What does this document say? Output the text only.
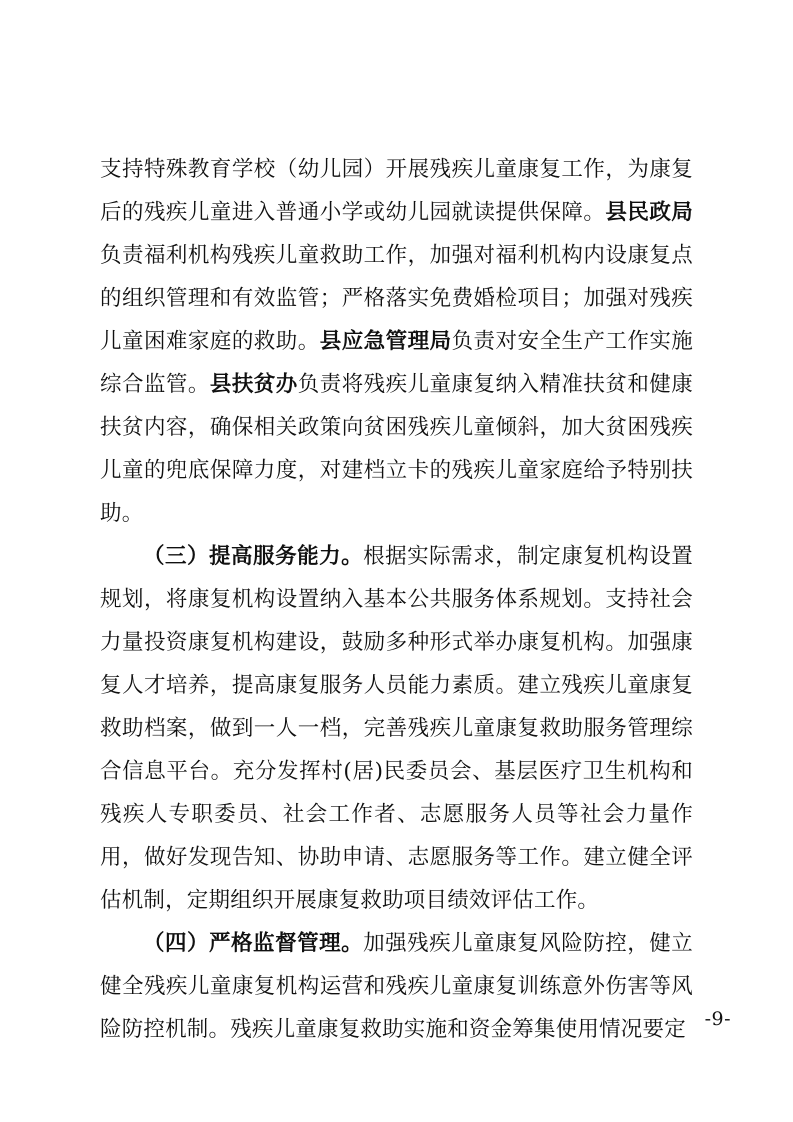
支持特殊教育学校（幼儿园）开展残疾儿童康复工作，为康复后的残疾儿童进入普通小学或幼儿园就读提供保障。县民政局负责福利机构残疾儿童救助工作，加强对福利机构内设康复点的组织管理和有效监管；严格落实免费婚检项目；加强对残疾儿童困难家庭的救助。县应急管理局负责对安全生产工作实施综合监管。县扶贫办负责将残疾儿童康复纳入精准扶贫和健康扶贫内容，确保相关政策向贫困残疾儿童倾斜，加大贫困残疾儿童的兜底保障力度，对建档立卡的残疾儿童家庭给予特别扶助。

（三）提高服务能力。根据实际需求，制定康复机构设置规划，将康复机构设置纳入基本公共服务体系规划。支持社会力量投资康复机构建设，鼓励多种形式举办康复机构。加强康复人才培养，提高康复服务人员能力素质。建立残疾儿童康复救助档案，做到一人一档，完善残疾儿童康复救助服务管理综合信息平台。充分发挥村(居)民委员会、基层医疗卫生机构和残疾人专职委员、社会工作者、志愿服务人员等社会力量作用，做好发现告知、协助申请、志愿服务等工作。建立健全评估机制，定期组织开展康复救助项目绩效评估工作。

（四）严格监督管理。加强残疾儿童康复风险防控，健立健全残疾儿童康复机构运营和残疾儿童康复训练意外伤害等风险防控机制。残疾儿童康复救助实施和资金筹集使用情况要定 -9-
